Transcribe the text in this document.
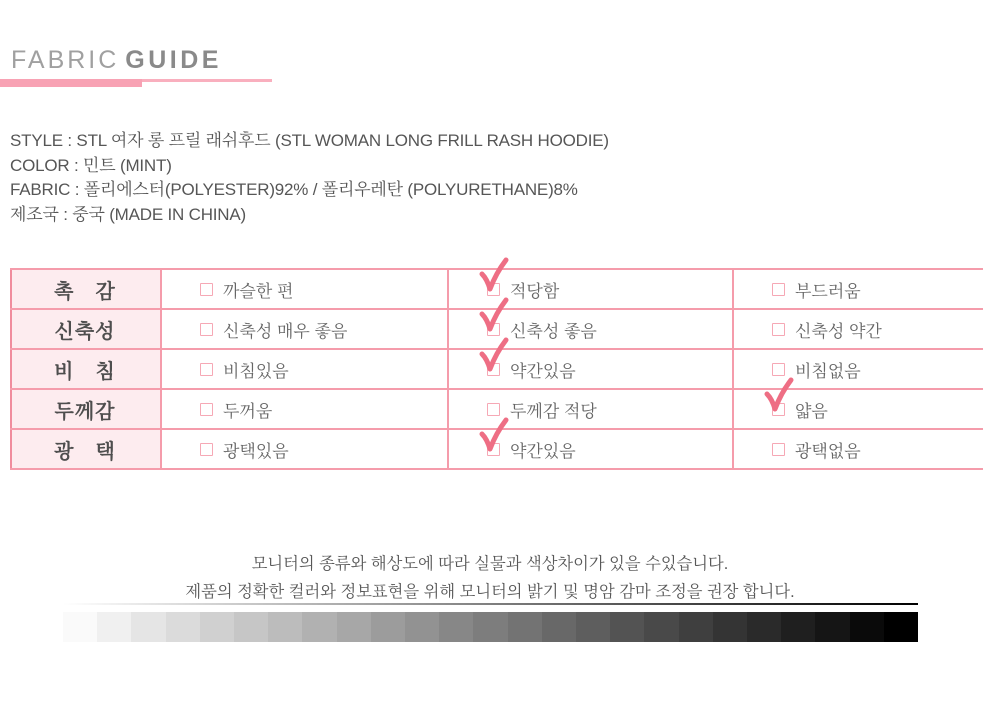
FABRIC GUIDE
STYLE : STL 여자 롱 프릴 래쉬후드 (STL WOMAN LONG FRILL RASH HOODIE)
COLOR : 민트 (MINT)
FABRIC : 폴리에스터(POLYESTER)92% / 폴리우레탄 (POLYURETHANE)8%
제조국 : 중국 (MADE IN CHINA)
촉　감	까슬한 편	적당함	부드러움
신축성	신축성 매우 좋음	신축성 좋음	신축성 약간
비　침	비침있음	약간있음	비침없음
두께감	두꺼움	두께감 적당	얇음
광　택	광택있음	약간있음	광택없음
모니터의 종류와 해상도에 따라 실물과 색상차이가 있을 수있습니다.
제품의 정확한 컬러와 정보표현을 위해 모니터의 밝기 및 명암 감마 조정을 권장 합니다.
